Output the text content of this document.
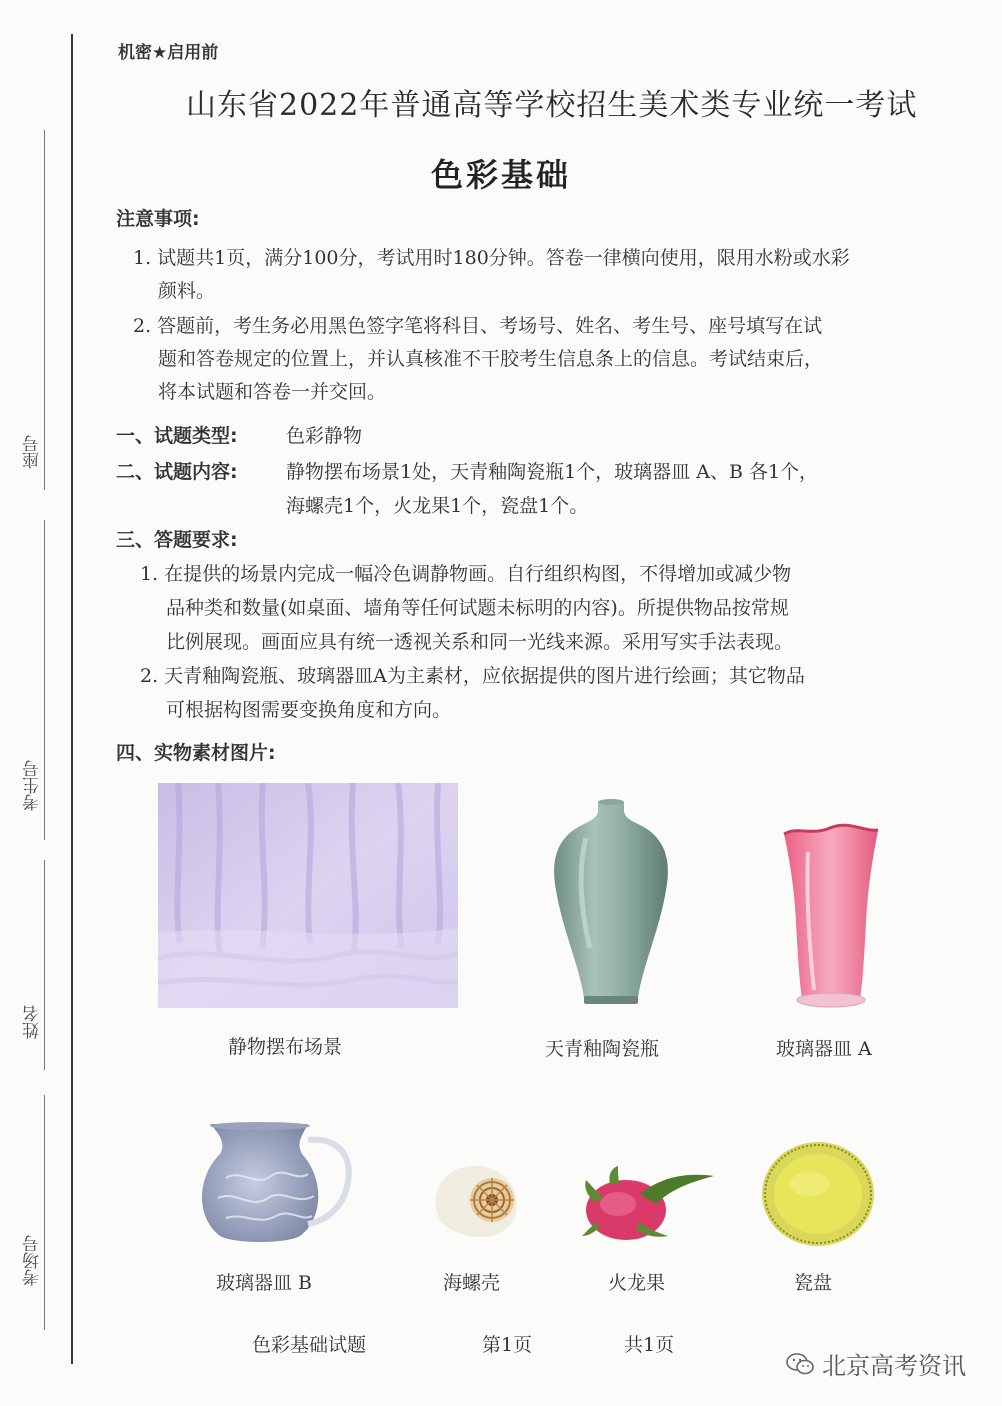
座号
考生号
姓名
考场号
机密★启用前
山东省2022年普通高等学校招生美术类专业统一考试
色彩基础
注意事项:
1. 试题共1页，满分100分，考试用时180分钟。答卷一律横向使用，限用水粉或水彩
颜料。
2. 答题前，考生务必用黑色签字笔将科目、考场号、姓名、考生号、座号填写在试
题和答卷规定的位置上，并认真核准不干胶考生信息条上的信息。考试结束后，
将本试题和答卷一并交回。
一、试题类型:	色彩静物
二、试题内容:	静物摆布场景1处，天青釉陶瓷瓶1个，玻璃器皿 A、B 各1个，
海螺壳1个，火龙果1个，瓷盘1个。
三、答题要求:
1. 在提供的场景内完成一幅冷色调静物画。自行组织构图，不得增加或减少物
品种类和数量(如桌面、墙角等任何试题未标明的内容)。所提供物品按常规
比例展现。画面应具有统一透视关系和同一光线来源。采用写实手法表现。
2. 天青釉陶瓷瓶、玻璃器皿A为主素材，应依据提供的图片进行绘画；其它物品
可根据构图需要变换角度和方向。
四、实物素材图片:
静物摆布场景	天青釉陶瓷瓶	玻璃器皿 A
玻璃器皿 B	海螺壳	火龙果	瓷盘
色彩基础试题	第1页	共1页
北京高考资讯
